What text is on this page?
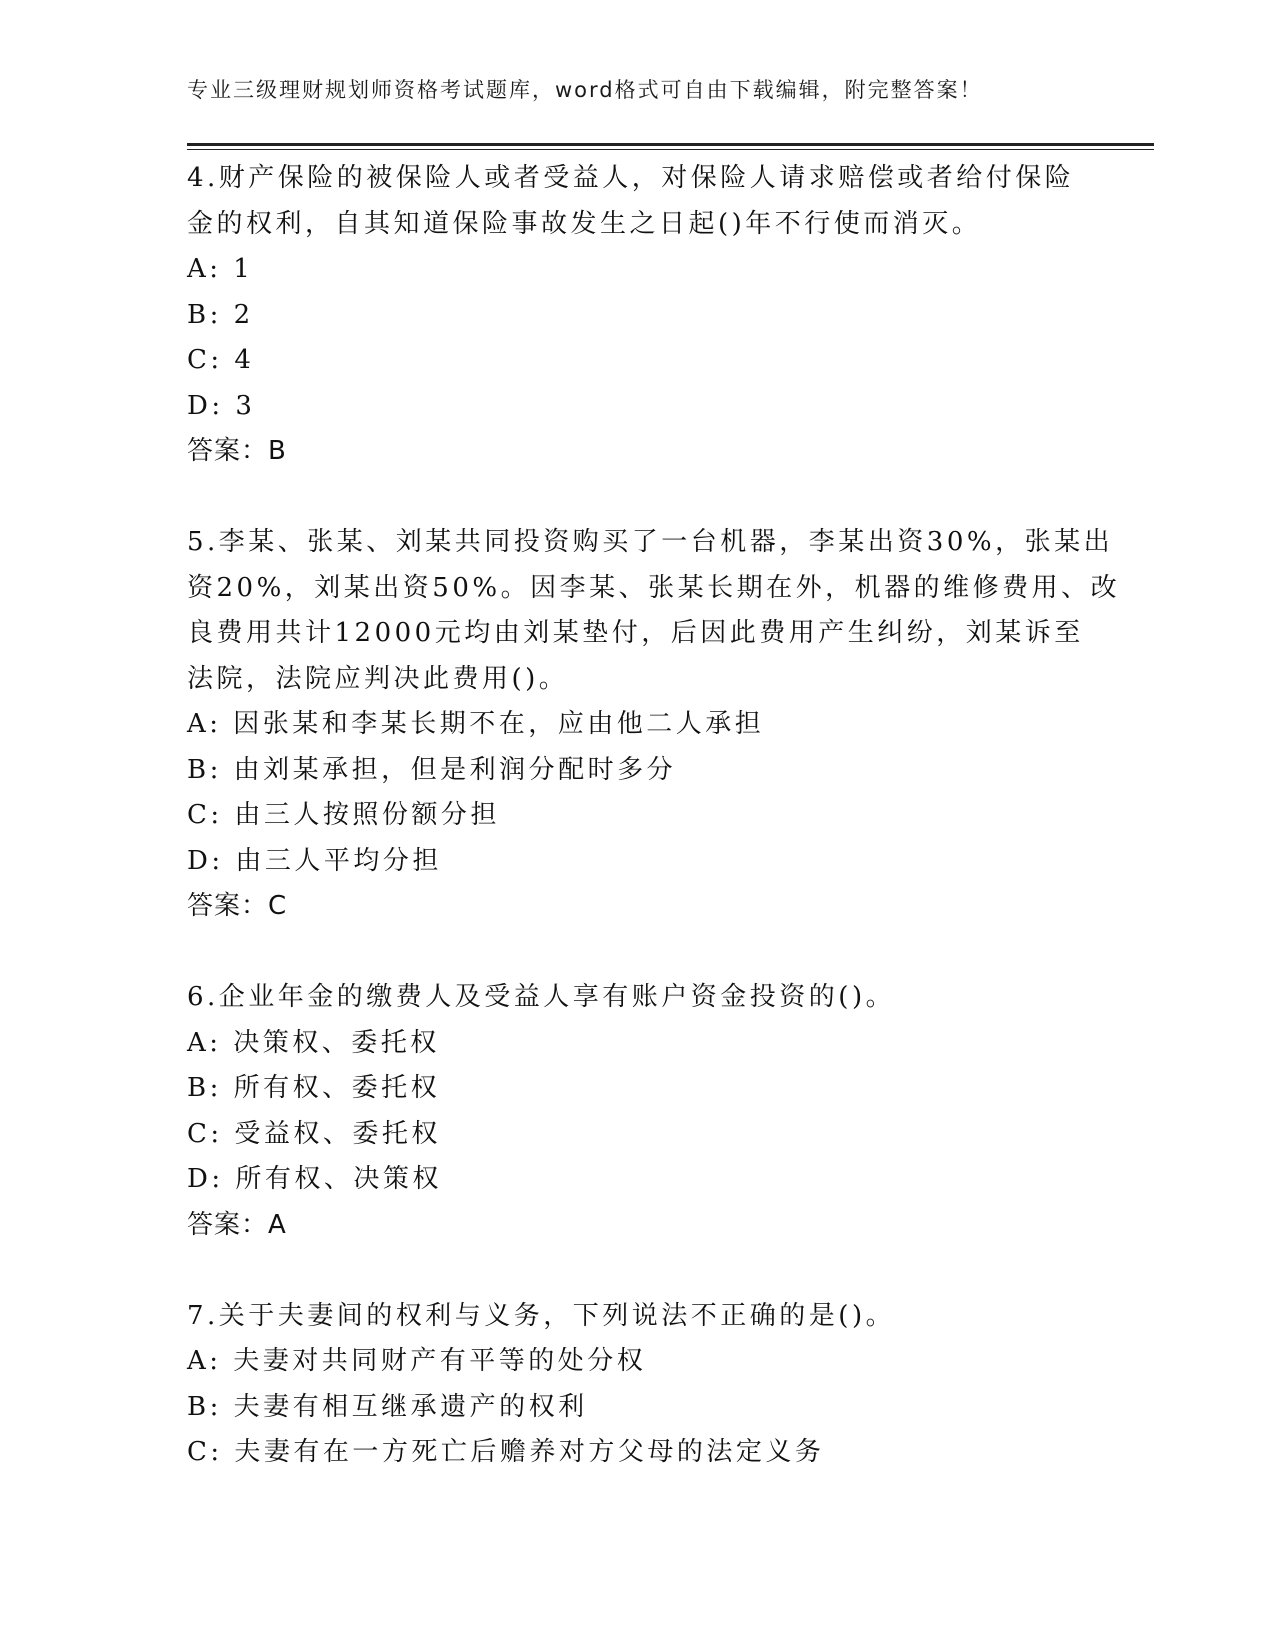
专业三级理财规划师资格考试题库，word格式可自由下载编辑，附完整答案！
4.财产保险的被保险人或者受益人，对保险人请求赔偿或者给付保险
金的权利，自其知道保险事故发生之日起()年不行使而消灭。
A: 1
B: 2
C: 4
D: 3
答案：B
5.李某、张某、刘某共同投资购买了一台机器，李某出资30%，张某出
资20%，刘某出资50%。因李某、张某长期在外，机器的维修费用、改
良费用共计12000元均由刘某垫付，后因此费用产生纠纷，刘某诉至
法院，法院应判决此费用()。
A: 因张某和李某长期不在，应由他二人承担
B: 由刘某承担，但是利润分配时多分
C: 由三人按照份额分担
D: 由三人平均分担
答案：C
6.企业年金的缴费人及受益人享有账户资金投资的()。
A: 决策权、委托权
B: 所有权、委托权
C: 受益权、委托权
D: 所有权、决策权
答案：A
7.关于夫妻间的权利与义务，下列说法不正确的是()。
A: 夫妻对共同财产有平等的处分权
B: 夫妻有相互继承遗产的权利
C: 夫妻有在一方死亡后赡养对方父母的法定义务
